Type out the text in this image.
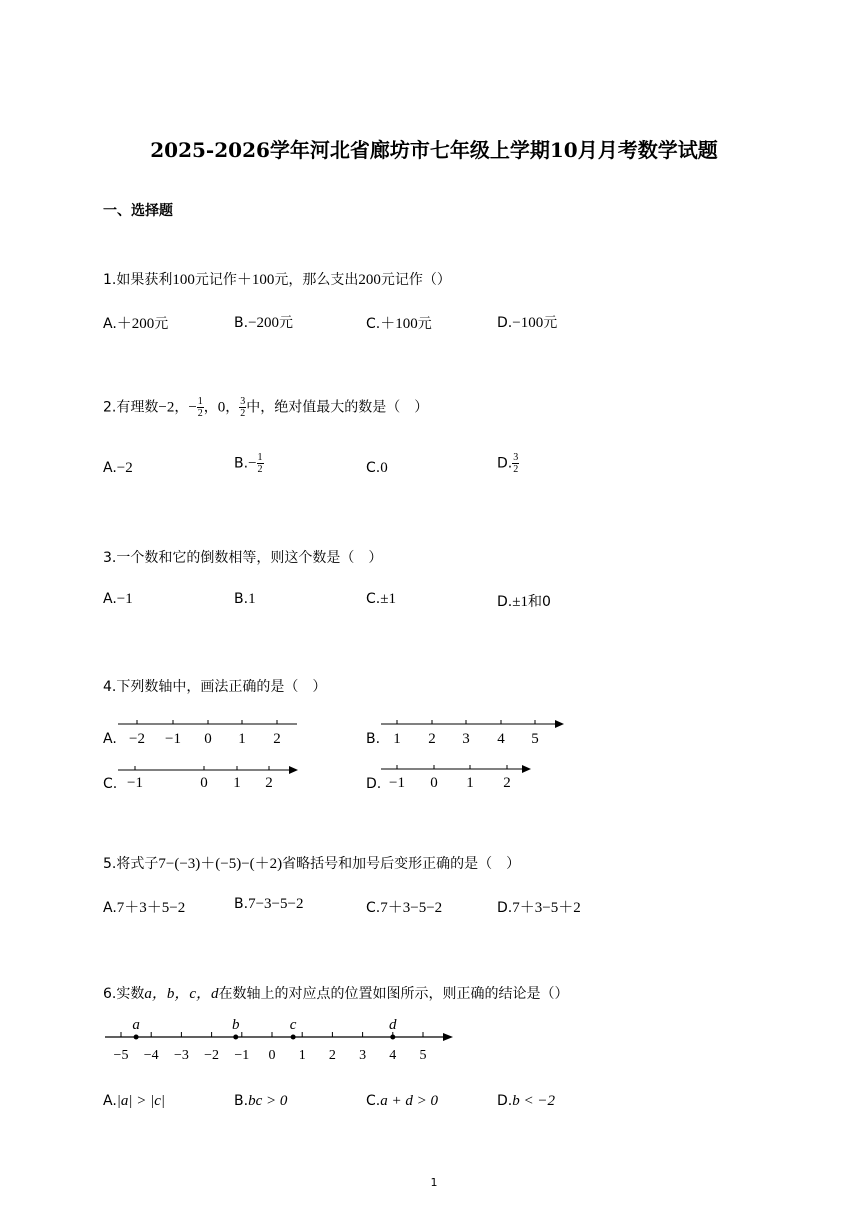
2025-2026学年河北省廊坊市七年级上学期10月月考数学试题
一、选择题
1.如果获利100元记作＋100元，那么支出200元记作（）
A.＋200元	B.−200元	C.＋100元	D.−100元
2.有理数−2，− $\frac{1}{2}$ ，0， $\frac{3}{2}$ 中，绝对值最大的数是（　）
A.−2	$B.- \frac{1}{2}$	C.0	D. $\frac{3}{2}$
3.一个数和它的倒数相等，则这个数是（　）
A.−1	B.1	C.±1	D.±1和0
4.下列数轴中，画法正确的是（　）
A. −2 −1 0 1 2	B. 1 2 3 4 5
C. −1	0 1 2	D. −1 0 1 2
5.将式子7−(−3)＋(−5)−(＋2)省略括号和加号后变形正确的是（　）
A.7＋3＋5−2	B.7−3−5−2	C.7＋3−5−2	D.7＋3−5＋2
6.实数a，b，c，d在数轴上的对应点的位置如图所示，则正确的结论是（）
−5 −4 −3 −2 −1 0 1 2 3 4 5
a	b	c	d
A.|a| > |c|	B.bc > 0	C.a + d > 0	D.b < −2
1
